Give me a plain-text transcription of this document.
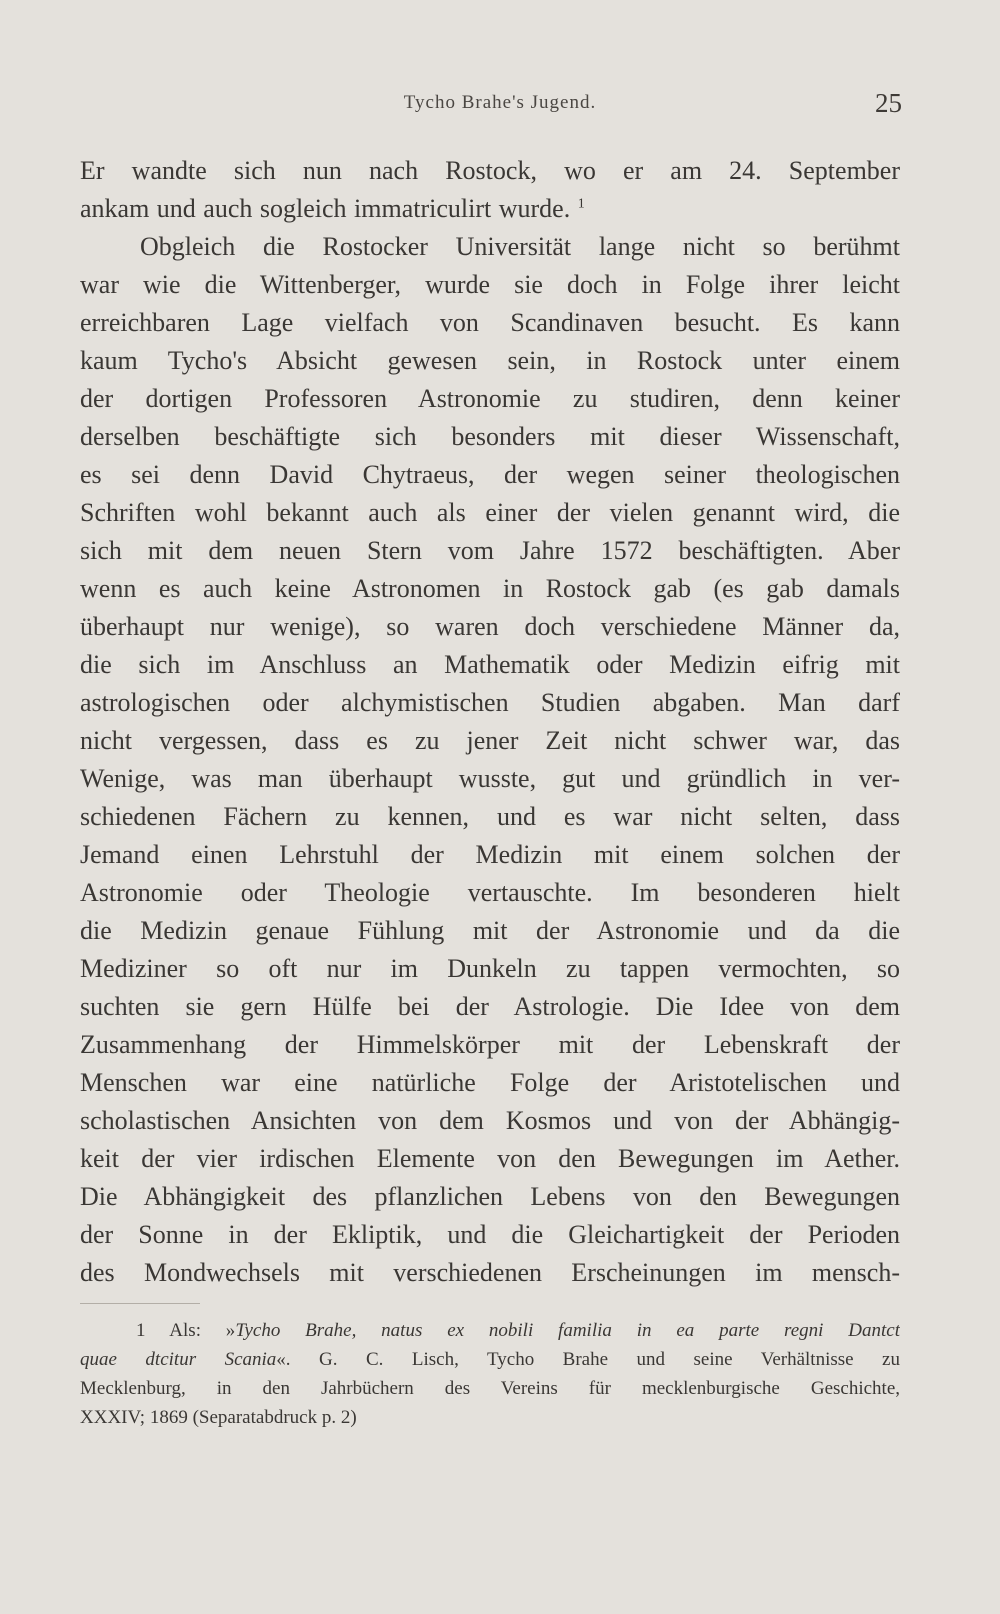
Tycho Brahe's Jugend.	25
Er wandte sich nun nach Rostock, wo er am 24. September
ankam und auch sogleich immatriculirt wurde. $^1$
Obgleich die Rostocker Universität lange nicht so berühmt
war wie die Wittenberger, wurde sie doch in Folge ihrer leicht
erreichbaren Lage vielfach von Scandinaven besucht. Es kann
kaum Tycho's Absicht gewesen sein, in Rostock unter einem
der dortigen Professoren Astronomie zu studiren, denn keiner
derselben beschäftigte sich besonders mit dieser Wissenschaft,
es sei denn David Chytraeus, der wegen seiner theologischen
Schriften wohl bekannt auch als einer der vielen genannt wird, die
sich mit dem neuen Stern vom Jahre 1572 beschäftigten. Aber
wenn es auch keine Astronomen in Rostock gab (es gab damals
überhaupt nur wenige), so waren doch verschiedene Männer da,
die sich im Anschluss an Mathematik oder Medizin eifrig mit
astrologischen oder alchymistischen Studien abgaben. Man darf
nicht vergessen, dass es zu jener Zeit nicht schwer war, das
Wenige, was man überhaupt wusste, gut und gründlich in ver-
schiedenen Fächern zu kennen, und es war nicht selten, dass
Jemand einen Lehrstuhl der Medizin mit einem solchen der
Astronomie oder Theologie vertauschte. Im besonderen hielt
die Medizin genaue Fühlung mit der Astronomie und da die
Mediziner so oft nur im Dunkeln zu tappen vermochten, so
suchten sie gern Hülfe bei der Astrologie. Die Idee von dem
Zusammenhang der Himmelskörper mit der Lebenskraft der
Menschen war eine natürliche Folge der Aristotelischen und
scholastischen Ansichten von dem Kosmos und von der Abhängig-
keit der vier irdischen Elemente von den Bewegungen im Aether.
Die Abhängigkeit des pflanzlichen Lebens von den Bewegungen
der Sonne in der Ekliptik, und die Gleichartigkeit der Perioden
des Mondwechsels mit verschiedenen Erscheinungen im mensch-
1 Als: »Tycho Brahe, natus ex nobili familia in ea parte regni Dantct
quae dtcitur Scania«. G. C. Lisch, Tycho Brahe und seine Verhältnisse zu
Mecklenburg, in den Jahrbüchern des Vereins für mecklenburgische Geschichte,
XXXIV; 1869 (Separatabdruck p. 2)
